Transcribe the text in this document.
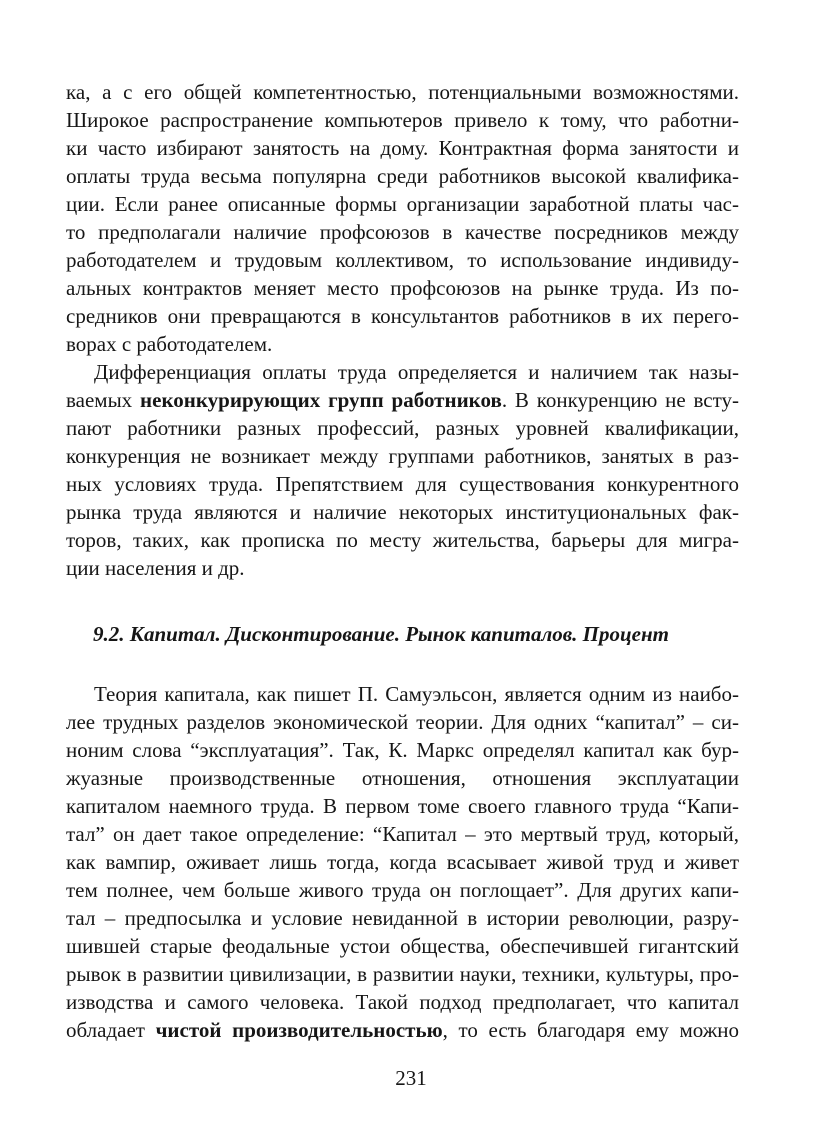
ка, а с его общей компетентностью, потенциальными возможностями.
Широкое распространение компьютеров привело к тому, что работни-
ки часто избирают занятость на дому. Контрактная форма занятости и
оплаты труда весьма популярна среди работников высокой квалифика-
ции. Если ранее описанные формы организации заработной платы час-
то предполагали наличие профсоюзов в качестве посредников между
работодателем и трудовым коллективом, то использование индивиду-
альных контрактов меняет место профсоюзов на рынке труда. Из по-
средников они превращаются в консультантов работников в их перего-
ворах с работодателем.
Дифференциация оплаты труда определяется и наличием так назы-
ваемых неконкурирующих групп работников. В конкуренцию не всту-
пают работники разных профессий, разных уровней квалификации,
конкуренция не возникает между группами работников, занятых в раз-
ных условиях труда. Препятствием для существования конкурентного
рынка труда являются и наличие некоторых институциональных фак-
торов, таких, как прописка по месту жительства, барьеры для мигра-
ции населения и др.
9.2. Капитал. Дисконтирование. Рынок капиталов. Процент
Теория капитала, как пишет П. Самуэльсон, является одним из наибо-
лее трудных разделов экономической теории. Для одних “капитал” – си-
ноним слова “эксплуатация”. Так, К. Маркс определял капитал как бур-
жуазные производственные отношения, отношения эксплуатации
капиталом наемного труда. В первом томе своего главного труда “Капи-
тал” он дает такое определение: “Капитал – это мертвый труд, который,
как вампир, оживает лишь тогда, когда всасывает живой труд и живет
тем полнее, чем больше живого труда он поглощает”. Для других капи-
тал – предпосылка и условие невиданной в истории революции, разру-
шившей старые феодальные устои общества, обеспечившей гигантский
рывок в развитии цивилизации, в развитии науки, техники, культуры, про-
изводства и самого человека. Такой подход предполагает, что капитал
обладает чистой производительностью, то есть благодаря ему можно
231
